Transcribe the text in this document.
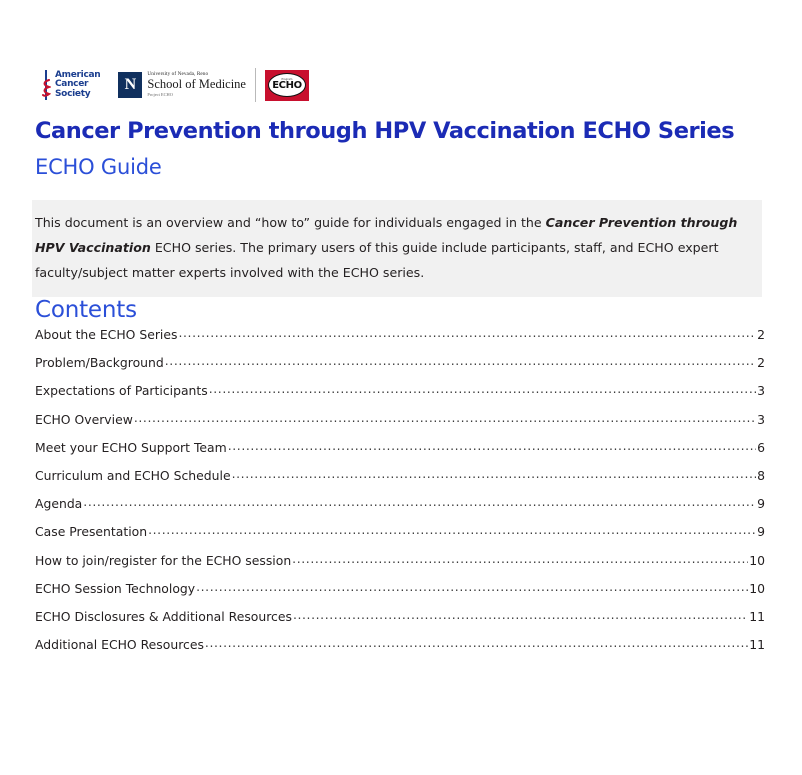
American
Cancer
Society
N
University of Nevada, Reno
School of Medicine
Project ECHO
Program
ECHO
Cancer Prevention through HPV Vaccination ECHO Series
ECHO Guide

This document is an overview and “how to” guide for individuals engaged in the Cancer Prevention through HPV Vaccination ECHO series. The primary users of this guide include participants, staff, and ECHO expert faculty/subject matter experts involved with the ECHO series.

Contents
About the ECHO Series .....	2
Problem/Background .....	2
Expectations of Participants .....	3
ECHO Overview .....	3
Meet your ECHO Support Team .....	6
Curriculum and ECHO Schedule .....	8
Agenda .....	9
Case Presentation .....	9
How to join/register for the ECHO session .....	10
ECHO Session Technology .....	10
ECHO Disclosures & Additional Resources .....	11
Additional ECHO Resources .....	11
